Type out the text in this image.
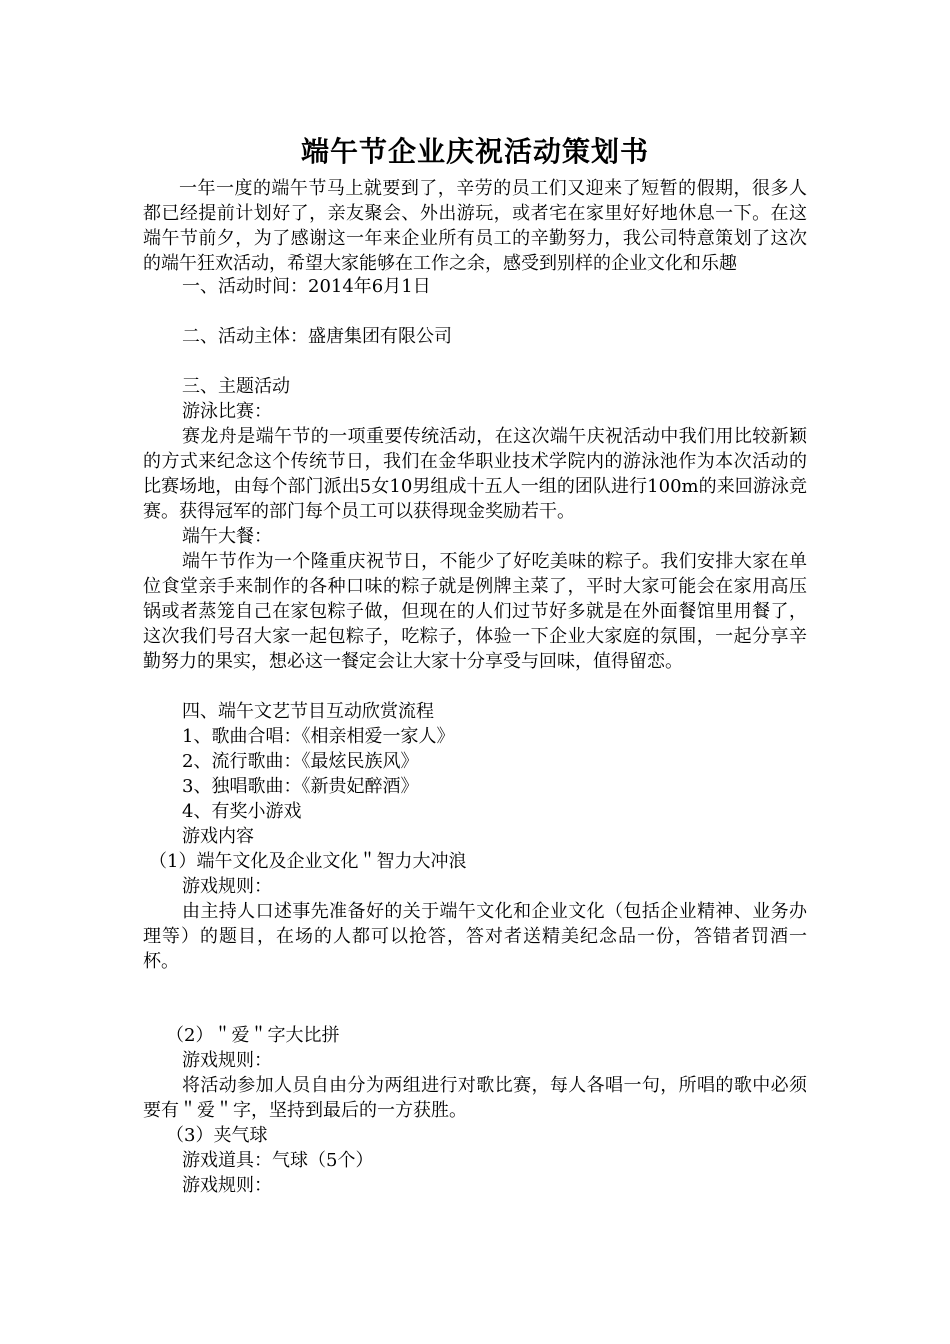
端午节企业庆祝活动策划书
一年一度的端午节马上就要到了，辛劳的员工们又迎来了短暂的假期，很多人都已经提前计划好了，亲友聚会、外出游玩，或者宅在家里好好地休息一下。在这端午节前夕，为了感谢这一年来企业所有员工的辛勤努力，我公司特意策划了这次的端午狂欢活动，希望大家能够在工作之余，感受到别样的企业文化和乐趣
一、活动时间：2014年6月1日
二、活动主体：盛唐集团有限公司
三、主题活动
游泳比赛：
赛龙舟是端午节的一项重要传统活动，在这次端午庆祝活动中我们用比较新颖的方式来纪念这个传统节日，我们在金华职业技术学院内的游泳池作为本次活动的比赛场地，由每个部门派出5女10男组成十五人一组的团队进行100m的来回游泳竞赛。获得冠军的部门每个员工可以获得现金奖励若干。
端午大餐：
端午节作为一个隆重庆祝节日，不能少了好吃美味的粽子。我们安排大家在单位食堂亲手来制作的各种口味的粽子就是例牌主菜了，平时大家可能会在家用高压锅或者蒸笼自己在家包粽子做，但现在的人们过节好多就是在外面餐馆里用餐了，这次我们号召大家一起包粽子，吃粽子，体验一下企业大家庭的氛围，一起分享辛勤努力的果实，想必这一餐定会让大家十分享受与回味，值得留恋。
四、端午文艺节目互动欣赏流程
1、歌曲合唱：《相亲相爱一家人》
2、流行歌曲：《最炫民族风》
3、独唱歌曲：《新贵妃醉酒》
4、有奖小游戏
游戏内容
（1）端午文化及企业文化＂智力大冲浪
游戏规则：
由主持人口述事先准备好的关于端午文化和企业文化（包括企业精神、业务办理等）的题目，在场的人都可以抢答，答对者送精美纪念品一份，答错者罚酒一杯。
（2）＂爱＂字大比拼
游戏规则：
将活动参加人员自由分为两组进行对歌比赛，每人各唱一句，所唱的歌中必须要有＂爱＂字，坚持到最后的一方获胜。
（3）夹气球
游戏道具：气球（5个）
游戏规则：
